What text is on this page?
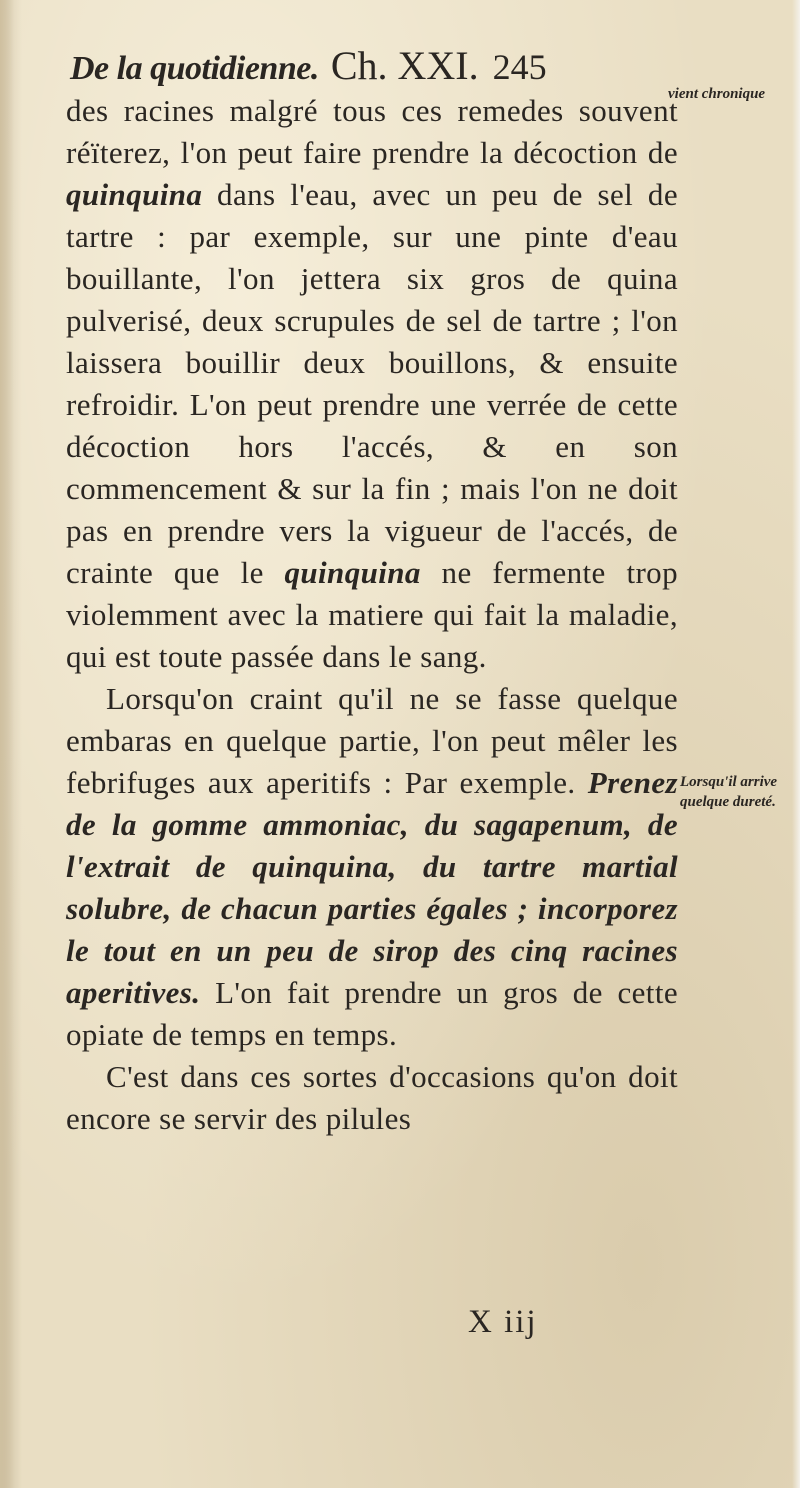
De la quotidienne. Ch. XXI. 245
vient chronique
Lorsqu'il arrive quelque dureté.

des racines malgré tous ces remedes souvent réïterez, l'on peut faire prendre la décoction de quinquina dans l'eau, avec un peu de sel de tartre : par exemple, sur une pinte d'eau bouillante, l'on jettera six gros de quina pulverisé, deux scrupules de sel de tartre ; l'on laissera bouillir deux bouillons, & ensuite refroidir. L'on peut prendre une verrée de cette décoction hors l'accés, & en son commencement & sur la fin ; mais l'on ne doit pas en prendre vers la vigueur de l'accés, de crainte que le quinquina ne fermente trop violemment avec la matiere qui fait la maladie, qui est toute passée dans le sang.

Lorsqu'on craint qu'il ne se fasse quelque embaras en quelque partie, l'on peut mêler les febrifuges aux aperitifs : Par exemple. Prenez de la gomme ammoniac, du sagapenum, de l'extrait de quinquina, du tartre martial solubre, de chacun parties égales ; incorporez le tout en un peu de sirop des cinq racines aperitives. L'on fait prendre un gros de cette opiate de temps en temps.

C'est dans ces sortes d'occasions qu'on doit encore se servir des pilules

X iij
